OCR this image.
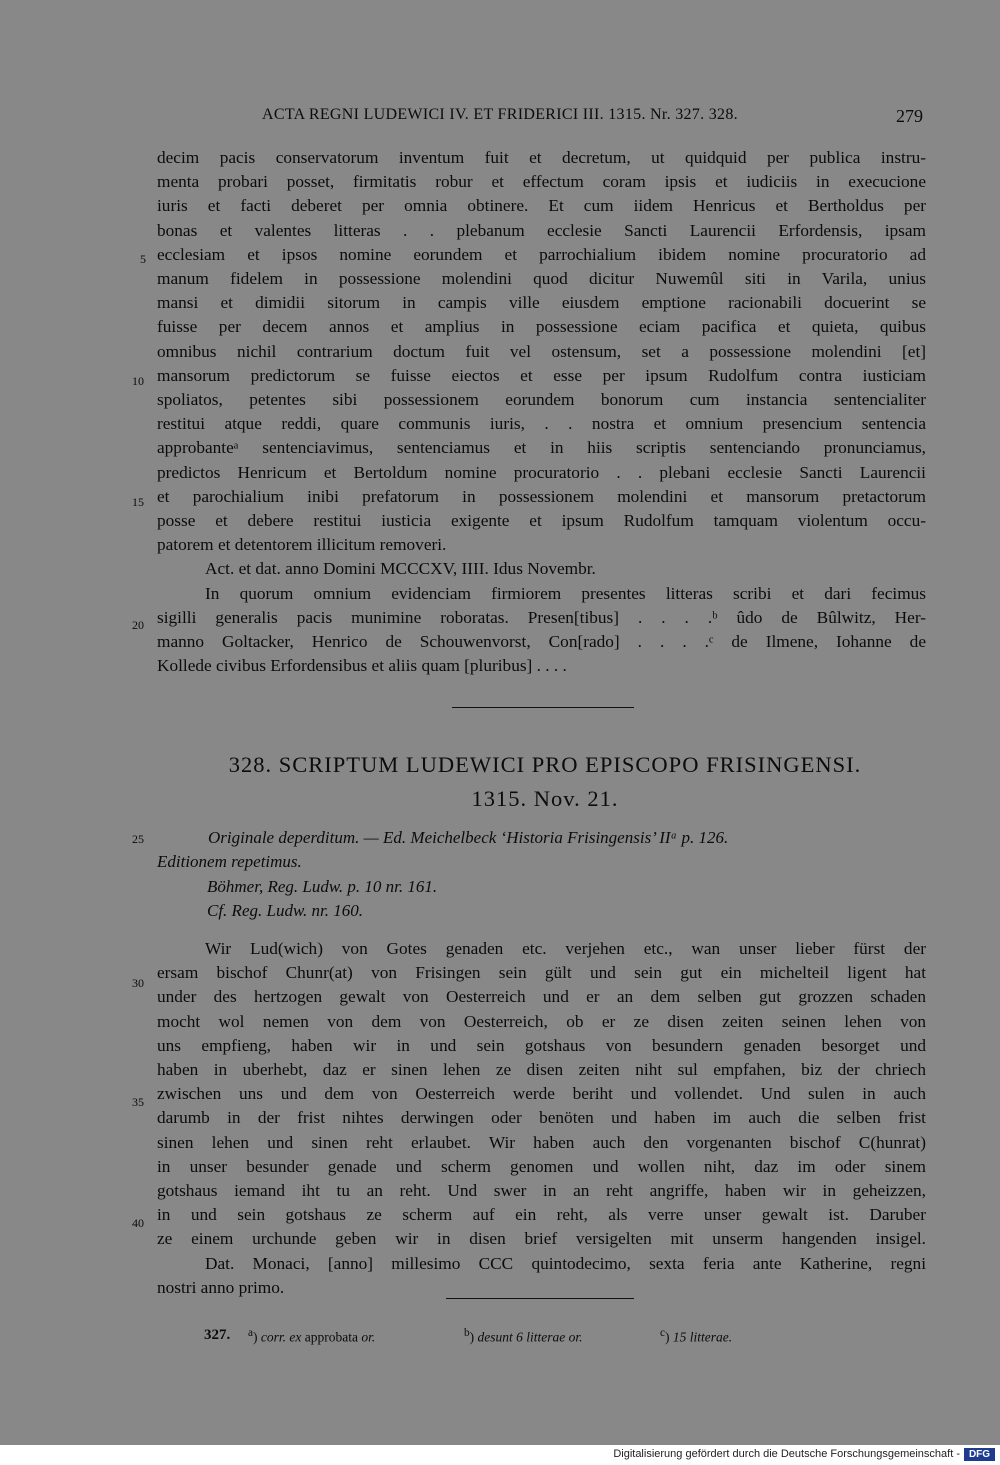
ACTA REGNI LUDEWICI IV. ET FRIDERICI III. 1315. Nr. 327. 328.	279
decim pacis conservatorum inventum fuit et decretum, ut quidquid per publica instru-
menta probari posset, firmitatis robur et effectum coram ipsis et iudiciis in execucione
iuris et facti deberet per omnia obtinere. Et cum iidem Henricus et Bertholdus per
bonas et valentes litteras . . plebanum ecclesie Sancti Laurencii Erfordensis, ipsam
ecclesiam et ipsos nomine eorundem et parrochialium ibidem nomine procuratorio ad
manum fidelem in possessione molendini quod dicitur Nuwemûl siti in Varila, unius
mansi et dimidii sitorum in campis ville eiusdem emptione racionabili docuerint se
fuisse per decem annos et amplius in possessione eciam pacifica et quieta, quibus
omnibus nichil contrarium doctum fuit vel ostensum, set a possessione molendini [et]
mansorum predictorum se fuisse eiectos et esse per ipsum Rudolfum contra iusticiam
spoliatos, petentes sibi possessionem eorundem bonorum cum instancia sentencialiter
restitui atque reddi, quare communis iuris, . . nostra et omnium presencium sentencia
approbanteᵃ sentenciavimus, sentenciamus et in hiis scriptis sentenciando pronunciamus,
predictos Henricum et Bertoldum nomine procuratorio . . plebani ecclesie Sancti Laurencii
et parochialium inibi prefatorum in possessionem molendini et mansorum pretactorum
posse et debere restitui iusticia exigente et ipsum Rudolfum tamquam violentum occu-
patorem et detentorem illicitum removeri.
Act. et dat. anno Domini MCCCXV, IIII. Idus Novembr.
In quorum omnium evidenciam firmiorem presentes litteras scribi et dari fecimus
sigilli generalis pacis munimine roboratas. Presen[tibus] . . . .ᵇ ûdo de Bûlwitz, Her-
manno Goltacker, Henrico de Schouwenvorst, Con[rado] . . . .ᶜ de Ilmene, Iohanne de
Kollede civibus Erfordensibus et aliis quam [pluribus] . . . .
328. SCRIPTUM LUDEWICI PRO EPISCOPO FRISINGENSI.
1315. Nov. 21.
Originale deperditum. — Ed. Meichelbeck ‘Historia Frisingensis’ IIᵃ p. 126.
Editionem repetimus.
Böhmer, Reg. Ludw. p. 10 nr. 161.
Cf. Reg. Ludw. nr. 160.
Wir Lud(wich) von Gotes genaden etc. verjehen etc., wan unser lieber fürst der
ersam bischof Chunr(at) von Frisingen sein gült und sein gut ein michelteil ligent hat
under des hertzogen gewalt von Oesterreich und er an dem selben gut grozzen schaden
mocht wol nemen von dem von Oesterreich, ob er ze disen zeiten seinen lehen von
uns empfieng, haben wir in und sein gotshaus von besundern genaden besorget und
haben in uberhebt, daz er sinen lehen ze disen zeiten niht sul empfahen, biz der chriech
zwischen uns und dem von Oesterreich werde beriht und vollendet. Und sulen in auch
darumb in der frist nihtes derwingen oder benöten und haben im auch die selben frist
sinen lehen und sinen reht erlaubet. Wir haben auch den vorgenanten bischof C(hunrat)
in unser besunder genade und scherm genomen und wollen niht, daz im oder sinem
gotshaus iemand iht tu an reht. Und swer in an reht angriffe, haben wir in geheizzen,
in und sein gotshaus ze scherm auf ein reht, als verre unser gewalt ist. Daruber
ze einem urchunde geben wir in disen brief versigelten mit unserm hangenden insigel.
Dat. Monaci, [anno] millesimo CCC quintodecimo, sexta feria ante Katherine, regni
nostri anno primo.
5
10
15
20
25
30
35
40
327. $^a$) corr. ex approbata or.	$^b$) desunt 6 litterae or.	$^c$) 15 litterae.
Digitalisierung gefördert durch die Deutsche Forschungsgemeinschaft - DFG
